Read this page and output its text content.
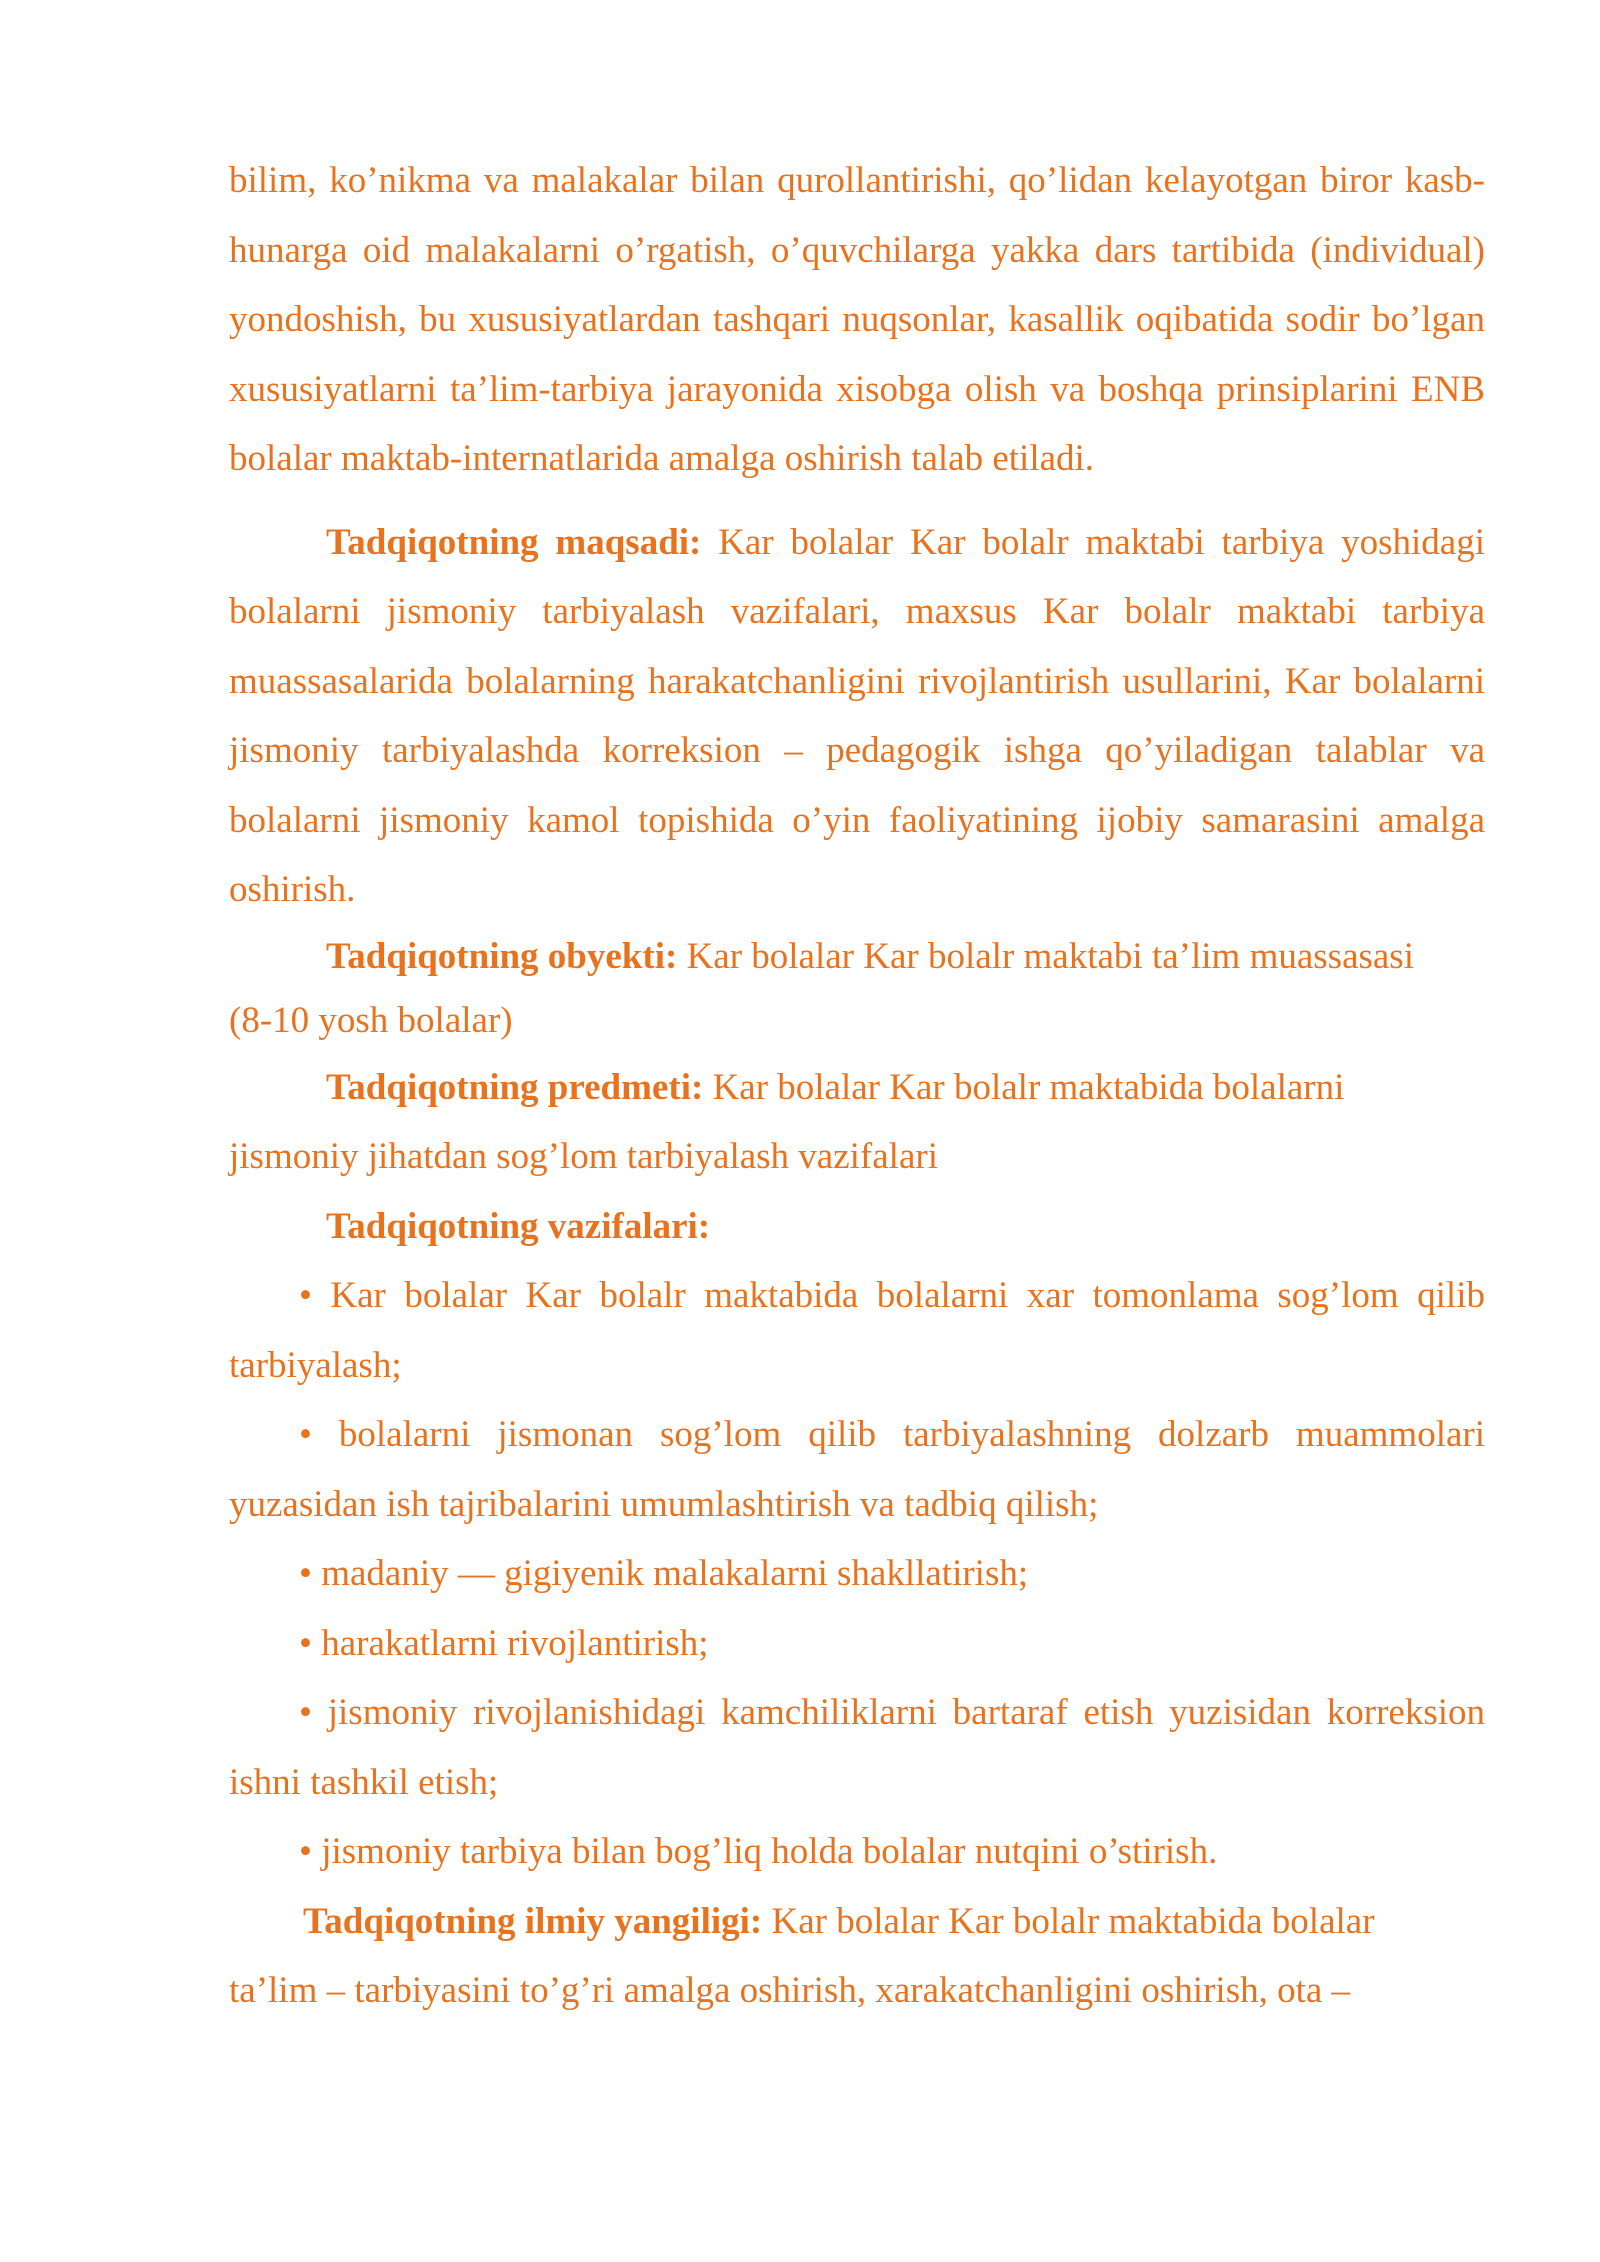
bilim, ko’nikma va malakalar bilan qurollantirishi, qo’lidan kelayotgan biror kasb-hunarga oid malakalarni o’rgatish, o’quvchilarga yakka dars tartibida (individual) yondoshish, bu xususiyatlardan tashqari nuqsonlar, kasallik oqibatida sodir bo’lgan xususiyatlarni ta’lim-tarbiya jarayonida xisobga olish va boshqa prinsiplarini ENB bolalar maktab-internatlarida amalga oshirish talab etiladi.

Tadqiqotning maqsadi: Kar bolalar Kar bolalr maktabi tarbiya yoshidagi bolalarni jismoniy tarbiyalash vazifalari, maxsus Kar bolalr maktabi tarbiya muassasalarida bolalarning harakatchanligini rivojlantirish usullarini, Kar bolalarni jismoniy tarbiyalashda korreksion – pedagogik ishga qo’yiladigan talablar va bolalarni jismoniy kamol topishida o’yin faoliyatining ijobiy samarasini amalga oshirish.

Tadqiqotning obyekti: Kar bolalar Kar bolalr maktabi ta’lim muassasasi

(8-10 yosh bolalar)

Tadqiqotning predmeti: Kar bolalar Kar bolalr maktabida bolalarni

jismoniy jihatdan sog’lom tarbiyalash vazifalari

Tadqiqotning vazifalari:

• Kar bolalar Kar bolalr maktabida bolalarni xar tomonlama sog’lom qilib tarbiyalash;

• bolalarni jismonan sog’lom qilib tarbiyalashning dolzarb muammolari yuzasidan ish tajribalarini umumlashtirish va tadbiq qilish;

• madaniy — gigiyenik malakalarni shakllatirish;

• harakatlarni rivojlantirish;

• jismoniy rivojlanishidagi kamchiliklarni bartaraf etish yuzisidan korreksion ishni tashkil etish;

• jismoniy tarbiya bilan bog’liq holda bolalar nutqini o’stirish.

Tadqiqotning ilmiy yangiligi: Kar bolalar Kar bolalr maktabida bolalar

ta’lim – tarbiyasini to’g’ri amalga oshirish, xarakatchanligini oshirish, ota –
